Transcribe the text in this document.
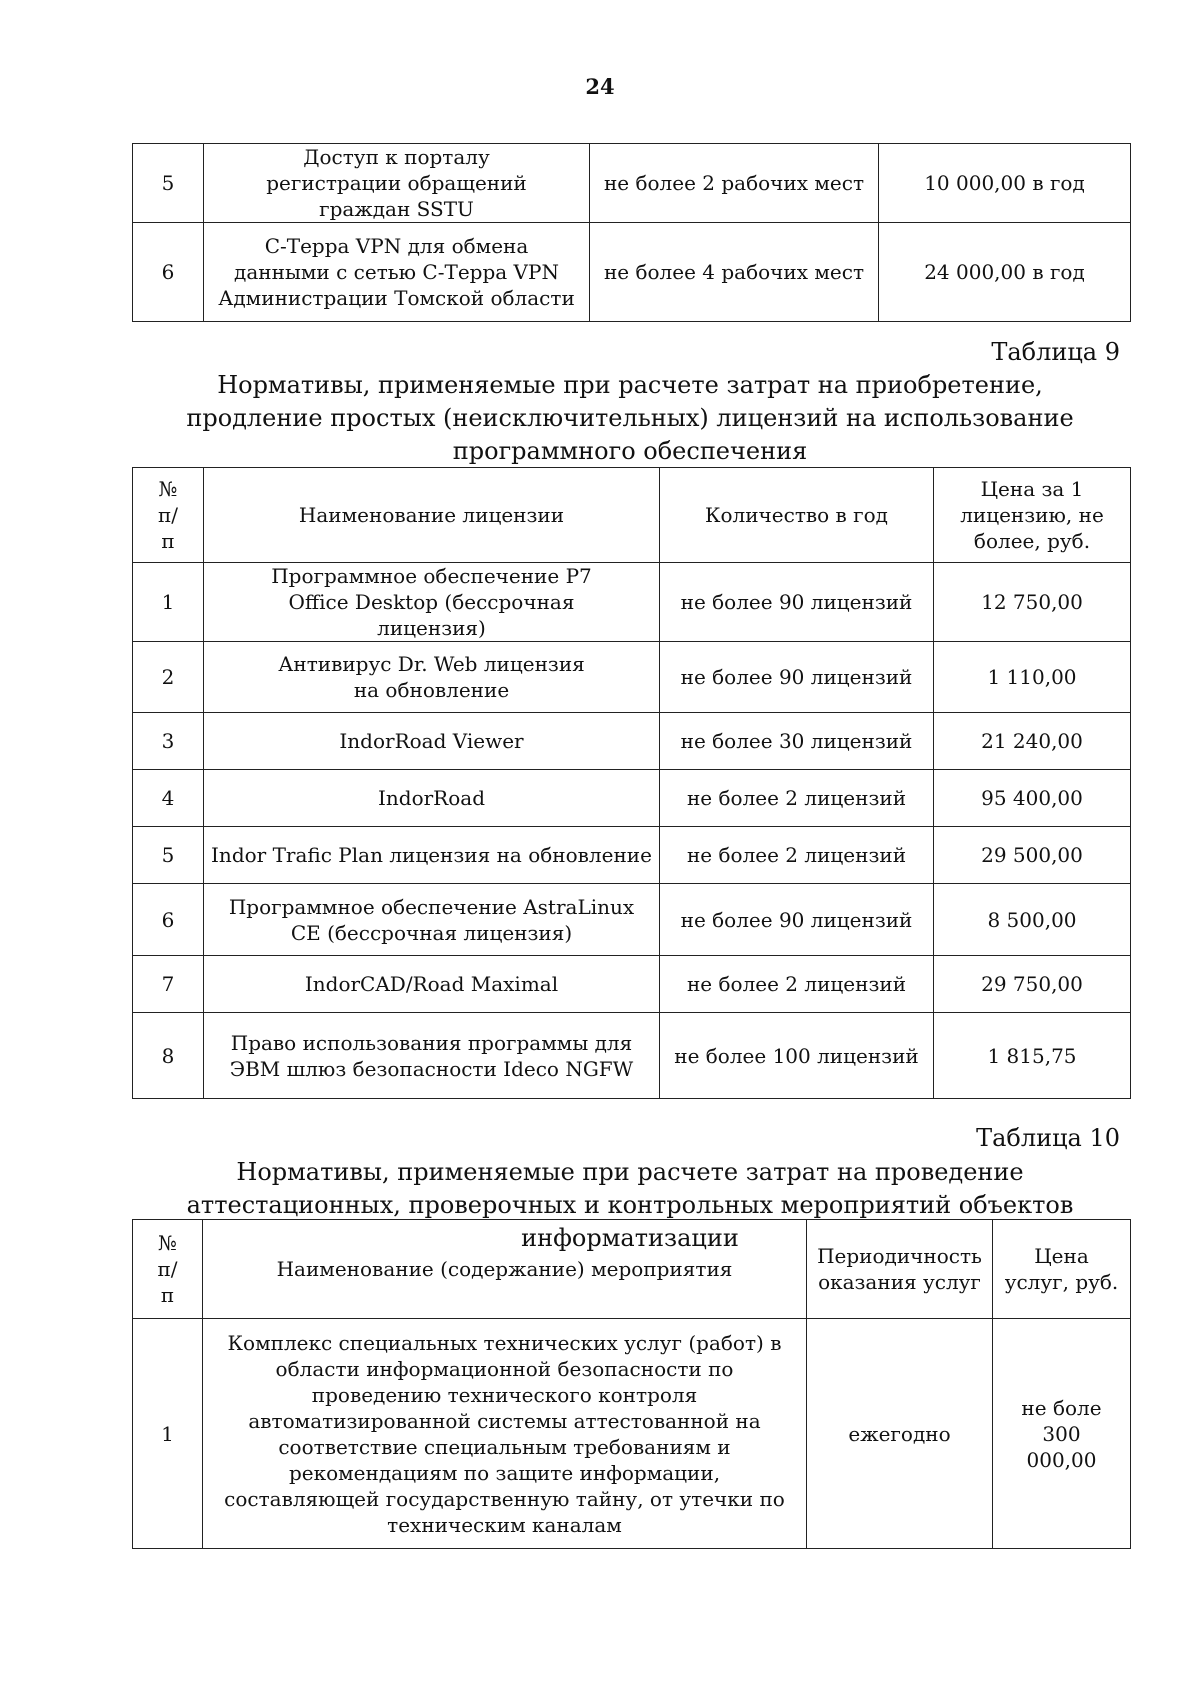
24
5	Доступ к порталу регистрации обращений граждан SSTU	не более 2 рабочих мест	10 000,00 в год
6	С-Терра VPN для обмена данными с сетью С-Терра VPN Администрации Томской области	не более 4 рабочих мест	24 000,00 в год
Таблица 9
Нормативы, применяемые при расчете затрат на приобретение, продление простых (неисключительных) лицензий на использование программного обеспечения
№ п/п	Наименование лицензии	Количество в год	Цена за 1 лицензию, не более, руб.
1	Программное обеспечение Р7 Office Desktop (бессрочная лицензия)	не более 90 лицензий	12 750,00
2	Антивирус Dr. Web лицензия на обновление	не более 90 лицензий	1 110,00
3	IndorRoad Viewer	не более 30 лицензий	21 240,00
4	IndorRoad	не более 2 лицензий	95 400,00
5	Indor Trafic Plan лицензия на обновление	не более 2 лицензий	29 500,00
6	Программное обеспечение AstraLinux CE (бессрочная лицензия)	не более 90 лицензий	8 500,00
7	IndorCAD/Road Maximal	не более 2 лицензий	29 750,00
8	Право использования программы для ЭВМ шлюз безопасности Ideco NGFW	не более 100 лицензий	1 815,75
Таблица 10
Нормативы, применяемые при расчете затрат на проведение аттестационных, проверочных и контрольных мероприятий объектов информатизации
№ п/п	Наименование (содержание) мероприятия	Периодичность оказания услуг	Цена услуг, руб.
1	Комплекс специальных технических услуг (работ) в области информационной безопасности по проведению технического контроля автоматизированной системы аттестованной на соответствие специальным требованиям и рекомендациям по защите информации, составляющей государственную тайну, от утечки по техническим каналам	ежегодно	не боле 300 000,00
